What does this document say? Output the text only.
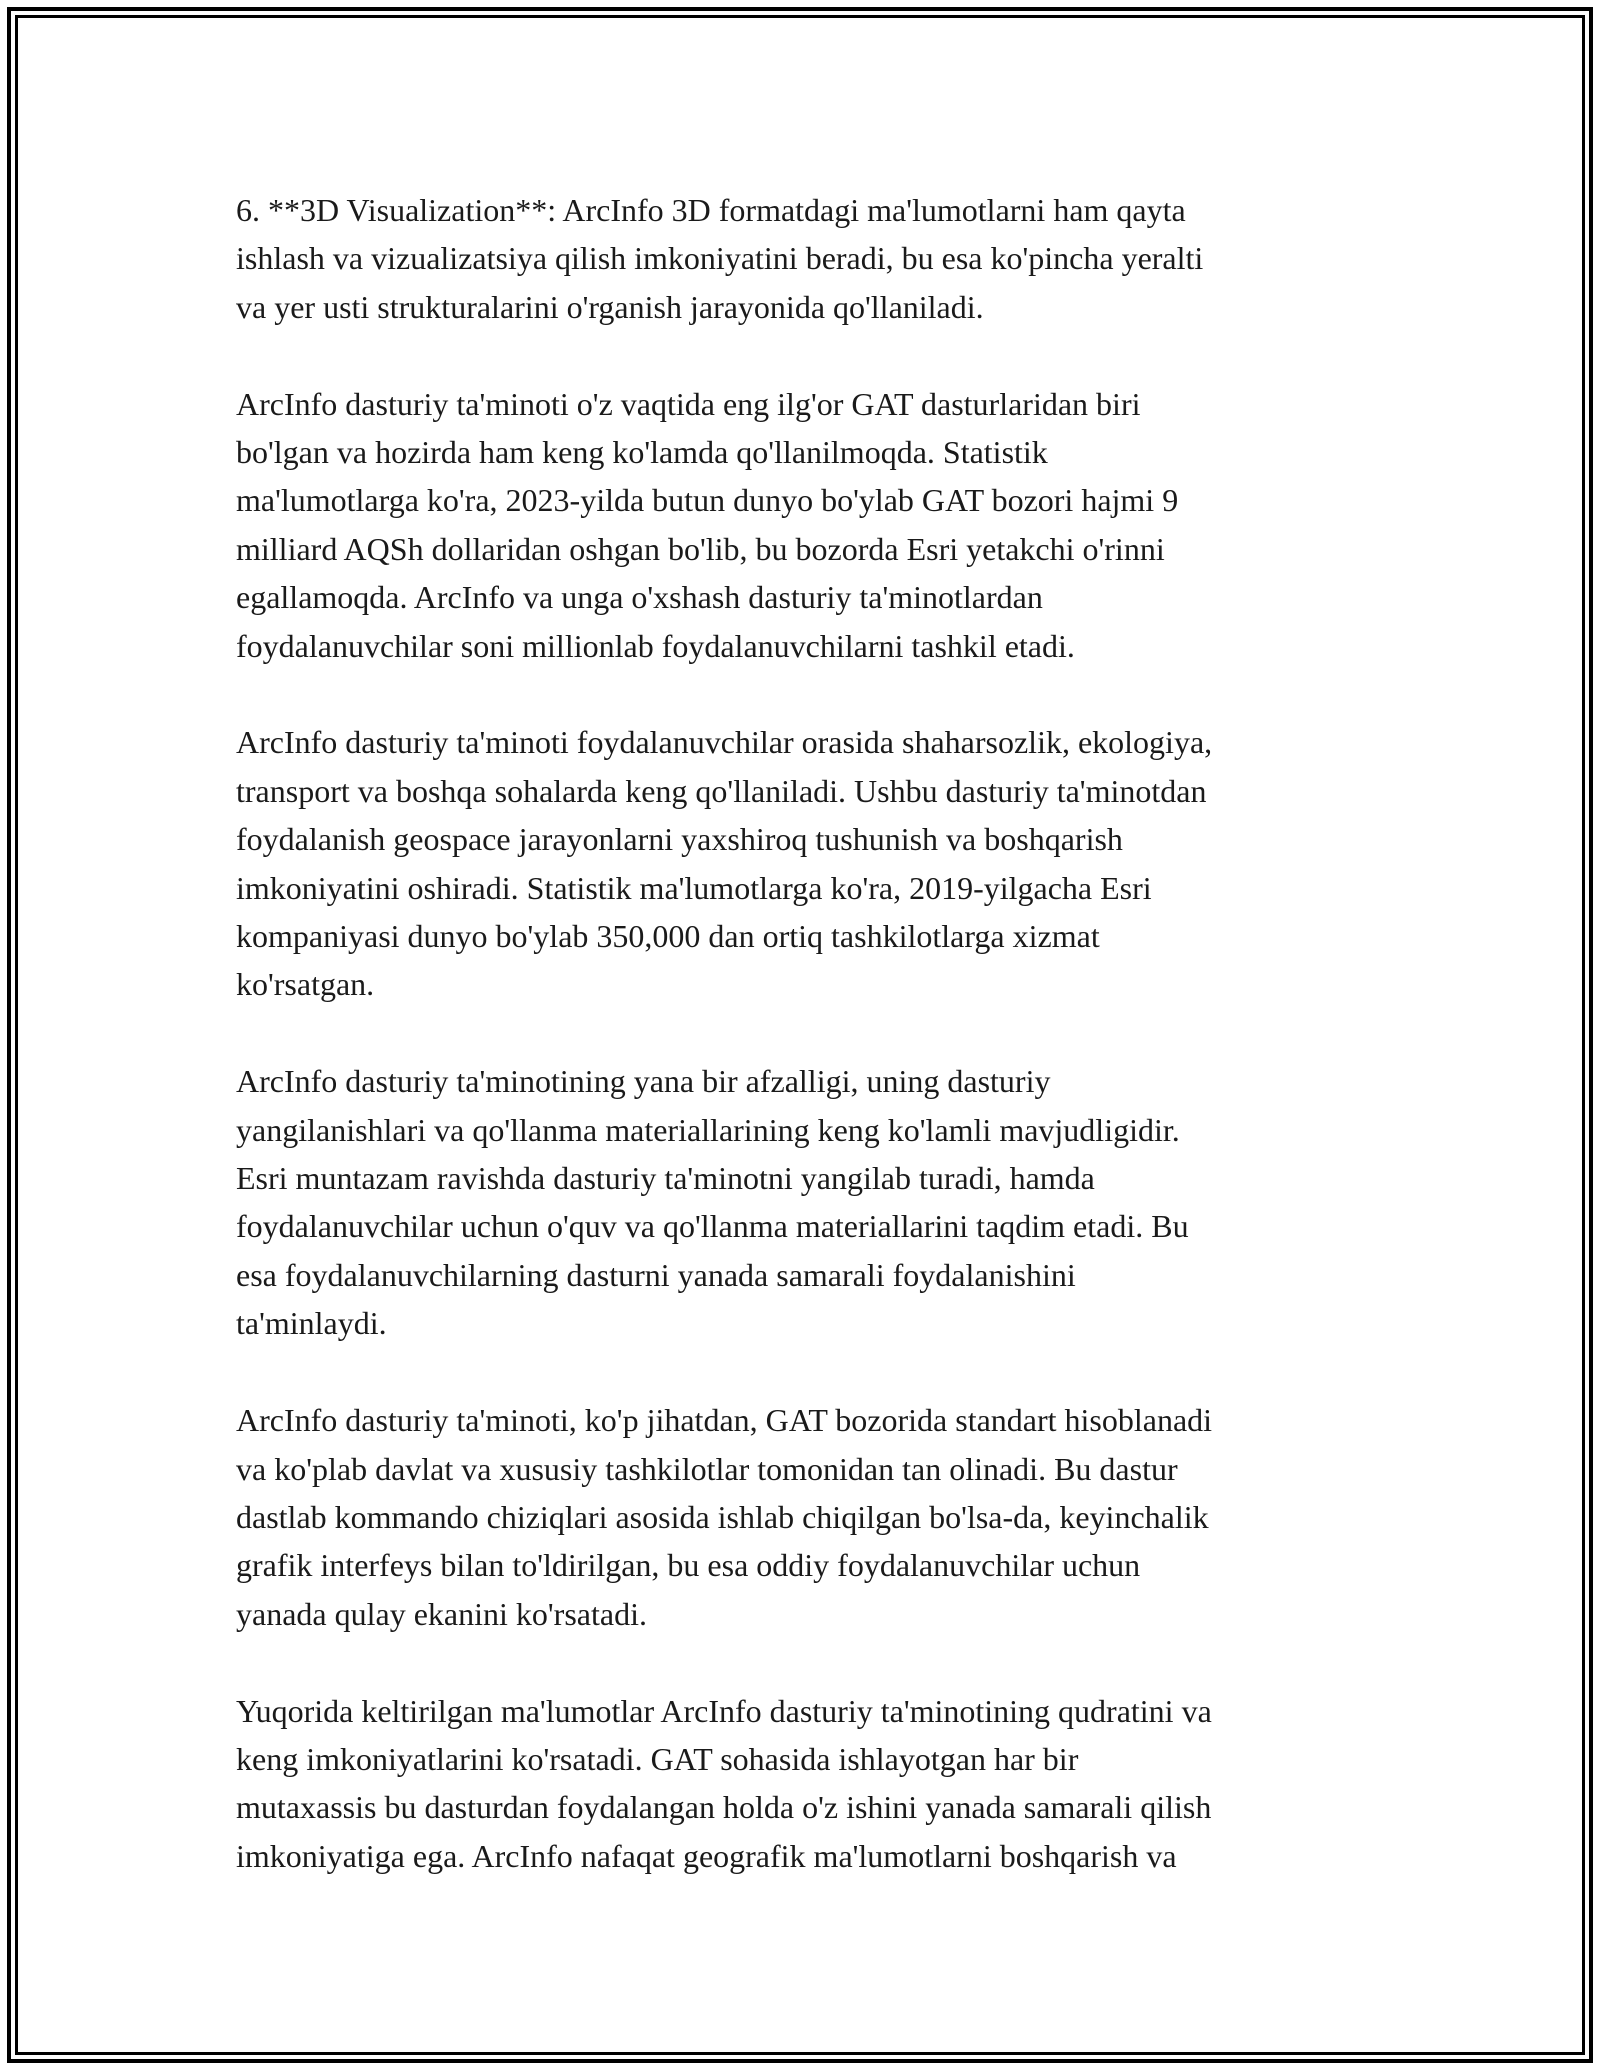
6. **3D Visualization**: ArcInfo 3D formatdagi ma'lumotlarni ham qayta
ishlash va vizualizatsiya qilish imkoniyatini beradi, bu esa ko'pincha yeralti
va yer usti strukturalarini o'rganish jarayonida qo'llaniladi.

ArcInfo dasturiy ta'minoti o'z vaqtida eng ilg'or GAT dasturlaridan biri
bo'lgan va hozirda ham keng ko'lamda qo'llanilmoqda. Statistik
ma'lumotlarga ko'ra, 2023-yilda butun dunyo bo'ylab GAT bozori hajmi 9
milliard AQSh dollaridan oshgan bo'lib, bu bozorda Esri yetakchi o'rinni
egallamoqda. ArcInfo va unga o'xshash dasturiy ta'minotlardan
foydalanuvchilar soni millionlab foydalanuvchilarni tashkil etadi.

ArcInfo dasturiy ta'minoti foydalanuvchilar orasida shaharsozlik, ekologiya,
transport va boshqa sohalarda keng qo'llaniladi. Ushbu dasturiy ta'minotdan
foydalanish geospace jarayonlarni yaxshiroq tushunish va boshqarish
imkoniyatini oshiradi. Statistik ma'lumotlarga ko'ra, 2019-yilgacha Esri
kompaniyasi dunyo bo'ylab 350,000 dan ortiq tashkilotlarga xizmat
ko'rsatgan.

ArcInfo dasturiy ta'minotining yana bir afzalligi, uning dasturiy
yangilanishlari va qo'llanma materiallarining keng ko'lamli mavjudligidir.
Esri muntazam ravishda dasturiy ta'minotni yangilab turadi, hamda
foydalanuvchilar uchun o'quv va qo'llanma materiallarini taqdim etadi. Bu
esa foydalanuvchilarning dasturni yanada samarali foydalanishini
ta'minlaydi.

ArcInfo dasturiy ta'minoti, ko'p jihatdan, GAT bozorida standart hisoblanadi
va ko'plab davlat va xususiy tashkilotlar tomonidan tan olinadi. Bu dastur
dastlab kommando chiziqlari asosida ishlab chiqilgan bo'lsa-da, keyinchalik
grafik interfeys bilan to'ldirilgan, bu esa oddiy foydalanuvchilar uchun
yanada qulay ekanini ko'rsatadi.

Yuqorida keltirilgan ma'lumotlar ArcInfo dasturiy ta'minotining qudratini va
keng imkoniyatlarini ko'rsatadi. GAT sohasida ishlayotgan har bir
mutaxassis bu dasturdan foydalangan holda o'z ishini yanada samarali qilish
imkoniyatiga ega. ArcInfo nafaqat geografik ma'lumotlarni boshqarish va
